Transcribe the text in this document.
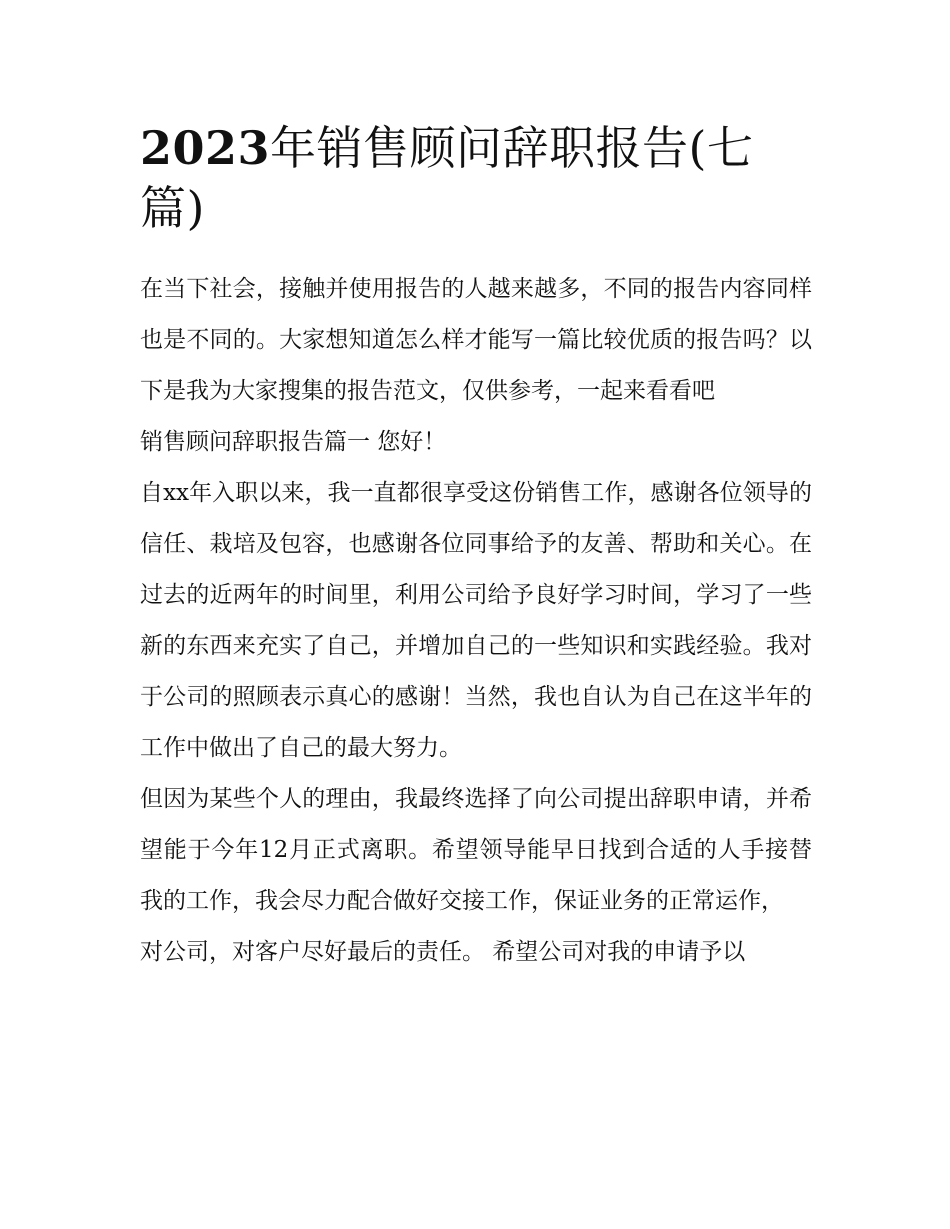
2023年销售顾问辞职报告(七篇)

在当下社会，接触并使用报告的人越来越多，不同的报告内容同样也是不同的。大家想知道怎么样才能写一篇比较优质的报告吗？以下是我为大家搜集的报告范文，仅供参考，一起来看看吧

销售顾问辞职报告篇一 您好！

自xx年入职以来，我一直都很享受这份销售工作，感谢各位领导的信任、栽培及包容，也感谢各位同事给予的友善、帮助和关心。在过去的近两年的时间里，利用公司给予良好学习时间，学习了一些新的东西来充实了自己，并增加自己的一些知识和实践经验。我对于公司的照顾表示真心的感谢！当然，我也自认为自己在这半年的工作中做出了自己的最大努力。

但因为某些个人的理由，我最终选择了向公司提出辞职申请，并希望能于今年12月正式离职。希望领导能早日找到合适的人手接替我的工作，我会尽力配合做好交接工作，保证业务的正常运作，

对公司，对客户尽好最后的责任。 希望公司对我的申请予以
